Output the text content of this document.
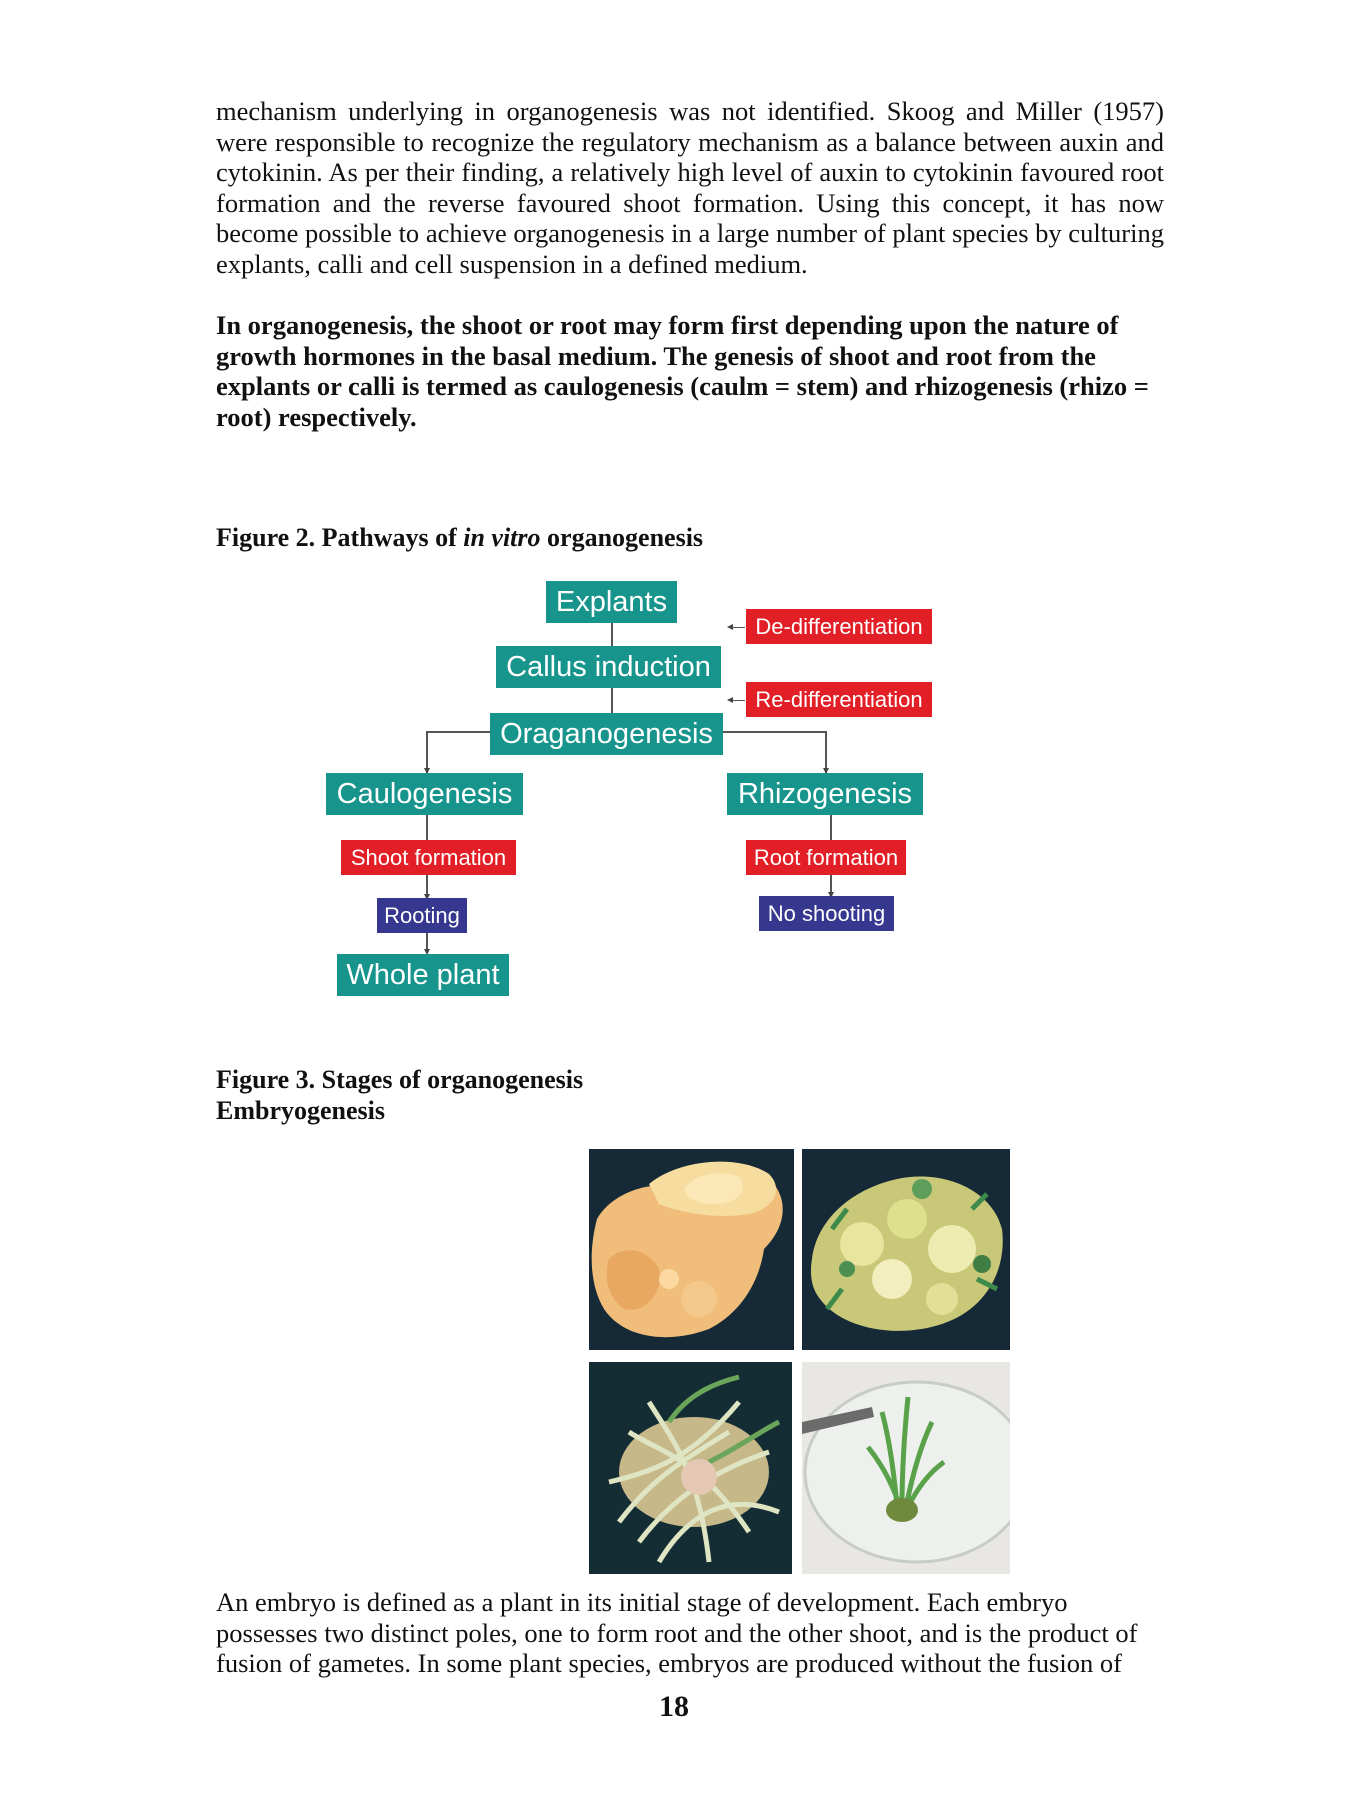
mechanism underlying in organogenesis was not identified. Skoog and Miller (1957)
were responsible to recognize the regulatory mechanism as a balance between auxin and
cytokinin. As per their finding, a relatively high level of auxin to cytokinin favoured root
formation and the reverse favoured shoot formation. Using this concept, it has now
become possible to achieve organogenesis in a large number of plant species by culturing
explants, calli and cell suspension in a defined medium.
In organogenesis, the shoot or root may form first depending upon the nature of
growth hormones in the basal medium. The genesis of shoot and root from the
explants or calli is termed as caulogenesis (caulm = stem) and rhizogenesis (rhizo =
root) respectively.
Figure 2. Pathways of in vitro organogenesis
Explants
Callus induction
Oraganogenesis
Caulogenesis	Rhizogenesis
Shoot formation	Root formation
Rooting	No shooting
Whole plant
De-differentiation
Re-differentiation
Figure 3. Stages of organogenesis
Embryogenesis
An embryo is defined as a plant in its initial stage of development. Each embryo
possesses two distinct poles, one to form root and the other shoot, and is the product of
fusion of gametes. In some plant species, embryos are produced without the fusion of
18
